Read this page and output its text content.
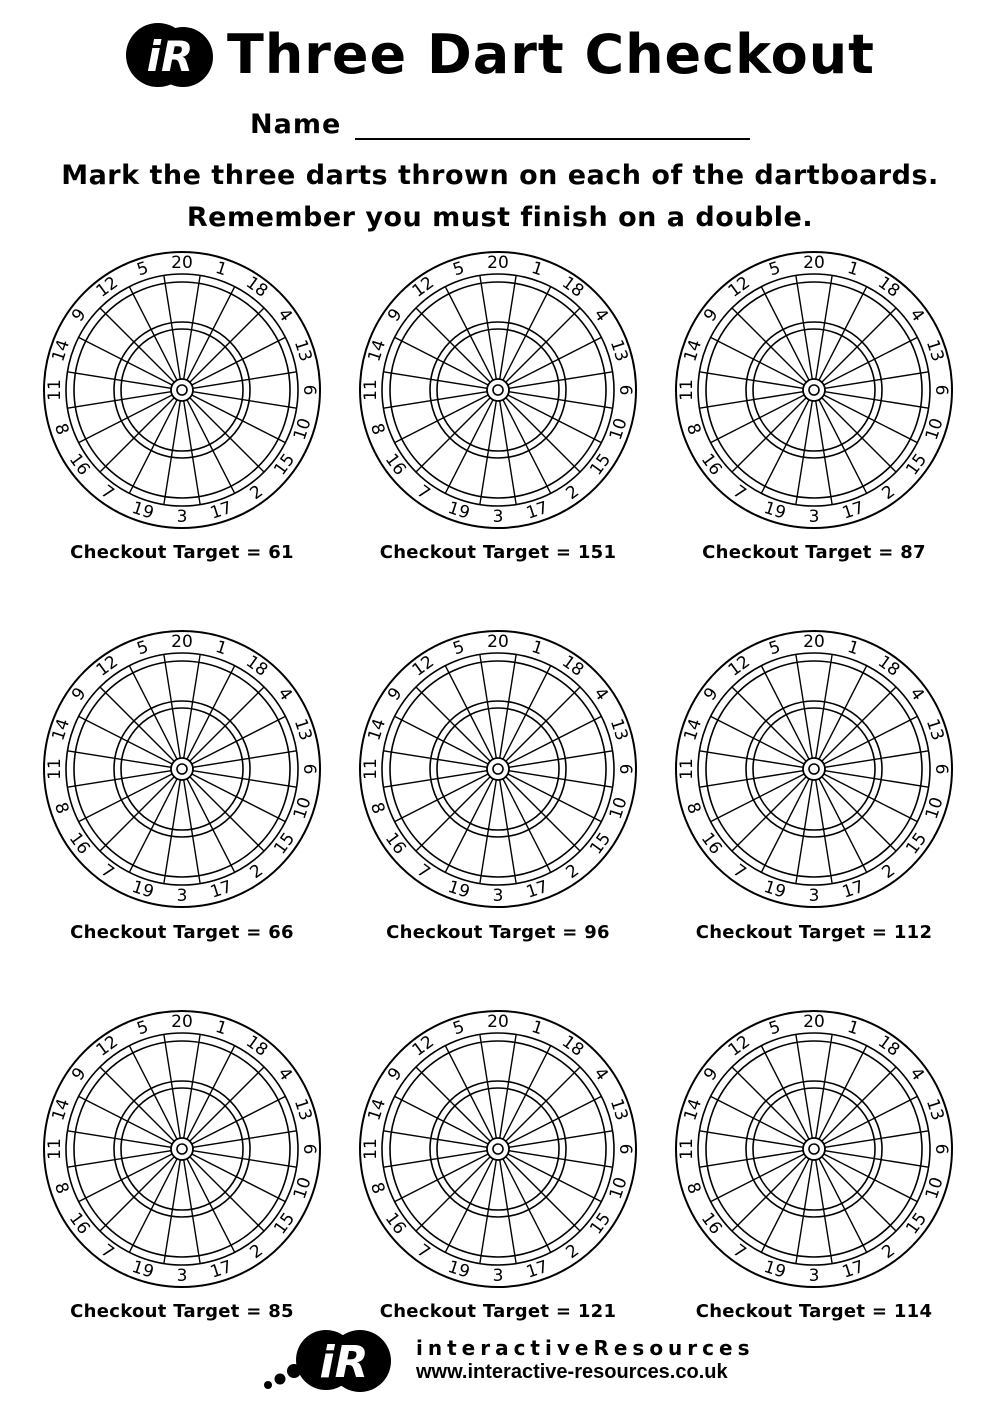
iR Three Dart Checkout
Name
Mark the three darts thrown on each of the dartboards.
Remember you must finish on a double.
20 1
18
4
13
6
10
15
2
17
3
19
7
16
8
11
14
9
12
5	20 1
18
4
13
6
10
15
2
17
3
19
7
16
8
11
14
9
12
5	20 1
18
4
13
6
10
15
2
17
3
19
7
16
8
11
14
9
12
5
20 1
18
4
13
6
10
15
2
17
3
19
7
16
8
11
14
9
12
5	20 1
18
4
13
6
10
15
2
17
3
19
7
16
8
11
14
9
12
5	20 1
18
4
13
6
10
15
2
17
3
19
7
16
8
11
14
9
12
5
20 1
18
4
13
6
10
15
2
17
3
19
7
16
8
11
14
9
12
5	20 1
18
4
13
6
10
15
2
17
3
19
7
16
8
11
14
9
12
5	20 1
18
4
13
6
10
15
2
17
3
19
7
16
8
11
14
9
12
5
Checkout Target = 61	Checkout Target = 151	Checkout Target = 87
Checkout Target = 66	Checkout Target = 96	Checkout Target = 112
Checkout Target = 85	Checkout Target = 121	Checkout Target = 114
iR interactiveResources
www.interactive-resources.co.uk
